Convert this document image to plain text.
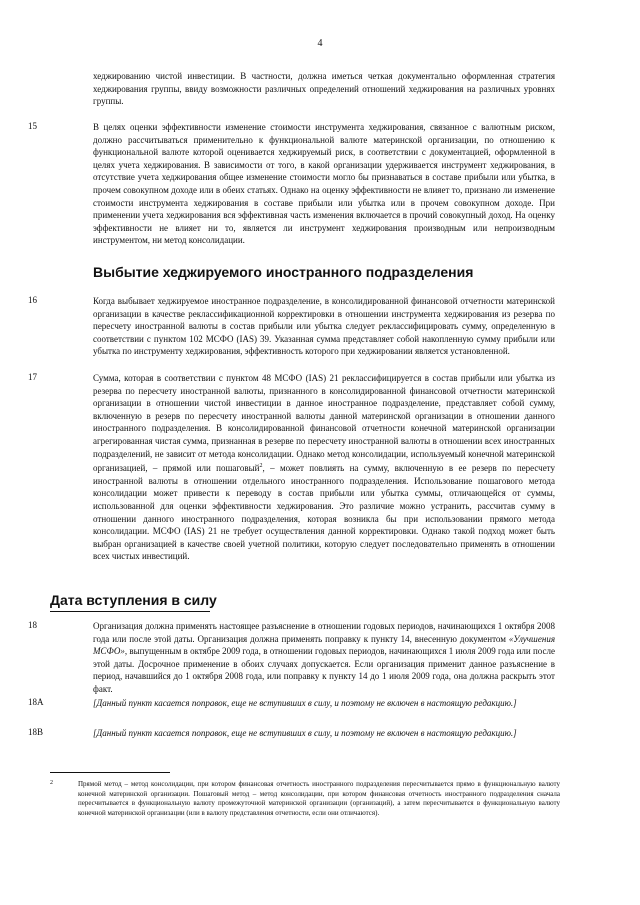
4

хеджированию чистой инвестиции. В частности, должна иметься четкая документально оформленная стратегия хеджирования группы, ввиду возможности различных определений отношений хеджирования на различных уровнях группы.

15	В целях оценки эффективности изменение стоимости инструмента хеджирования, связанное с валютным риском, должно рассчитываться применительно к функциональной валюте материнской организации, по отношению к функциональной валюте которой оценивается хеджируемый риск, в соответствии с документацией, оформленной в целях учета хеджирования. В зависимости от того, в какой организации удерживается инструмент хеджирования, в отсутствие учета хеджирования общее изменение стоимости могло бы признаваться в составе прибыли или убытка, в прочем совокупном доходе или в обеих статьях. Однако на оценку эффективности не влияет то, признано ли изменение стоимости инструмента хеджирования в составе прибыли или убытка или в прочем совокупном доходе. При применении учета хеджирования вся эффективная часть изменения включается в прочий совокупный доход. На оценку эффективности не влияет ни то, является ли инструмент хеджирования производным или непроизводным инструментом, ни метод консолидации.

Выбытие хеджируемого иностранного подразделения
16	Когда выбывает хеджируемое иностранное подразделение, в консолидированной финансовой отчетности материнской организации в качестве реклассификационной корректировки в отношении инструмента хеджирования из резерва по пересчету иностранной валюты в состав прибыли или убытка следует реклассифицировать сумму, определенную в соответствии с пунктом 102 МСФО (IAS) 39. Указанная сумма представляет собой накопленную сумму прибыли или убытка по инструменту хеджирования, эффективность которого при хеджировании является установленной.

17	Сумма, которая в соответствии с пунктом 48 МСФО (IAS) 21 реклассифицируется в состав прибыли или убытка из резерва по пересчету иностранной валюты, признанного в консолидированной финансовой отчетности материнской организации в отношении чистой инвестиции в данное иностранное подразделение, представляет собой сумму, включенную в резерв по пересчету иностранной валюты данной материнской организации в отношении данного иностранного подразделения. В консолидированной финансовой отчетности конечной материнской организации агрегированная чистая сумма, признанная в резерве по пересчету иностранной валюты в отношении всех иностранных подразделений, не зависит от метода консолидации. Однако метод консолидации, используемый конечной материнской организацией, – прямой или пошаговый$^2$, – может повлиять на сумму, включенную в ее резерв по пересчету иностранной валюты в отношении отдельного иностранного подразделения. Использование пошагового метода консолидации может привести к переводу в состав прибыли или убытка суммы, отличающейся от суммы, использованной для оценки эффективности хеджирования. Это различие можно устранить, рассчитав сумму в отношении данного иностранного подразделения, которая возникла бы при использовании прямого метода консолидации. МСФО (IAS) 21 не требует осуществления данной корректировки. Однако такой подход может быть выбран организацией в качестве своей учетной политики, которую следует последовательно применять в отношении всех чистых инвестиций.

Дата вступления в силу
18	Организация должна применять настоящее разъяснение в отношении годовых периодов, начинающихся 1 октября 2008 года или после этой даты. Организация должна применять поправку к пункту 14, внесенную документом «Улучшения МСФО», выпущенным в октябре 2009 года, в отношении годовых периодов, начинающихся 1 июля 2009 года или после этой даты. Досрочное применение в обоих случаях допускается. Если организация применит данное разъяснение в период, начавшийся до 1 октября 2008 года, или поправку к пункту 14 до 1 июля 2009 года, она должна раскрыть этот факт.

18A	[Данный пункт касается поправок, еще не вступивших в силу, и поэтому не включен в настоящую редакцию.]

18B	[Данный пункт касается поправок, еще не вступивших в силу, и поэтому не включен в настоящую редакцию.]

2	Прямой метод – метод консолидации, при котором финансовая отчетность иностранного подразделения пересчитывается прямо в функциональную валюту конечной материнской организации. Пошаговый метод – метод консолидации, при котором финансовая отчетность иностранного подразделения сначала пересчитывается в функциональную валюту промежуточной материнской организации (организаций), а затем пересчитывается в функциональную валюту конечной материнской организации (или в валюту представления отчетности, если они отличаются).
